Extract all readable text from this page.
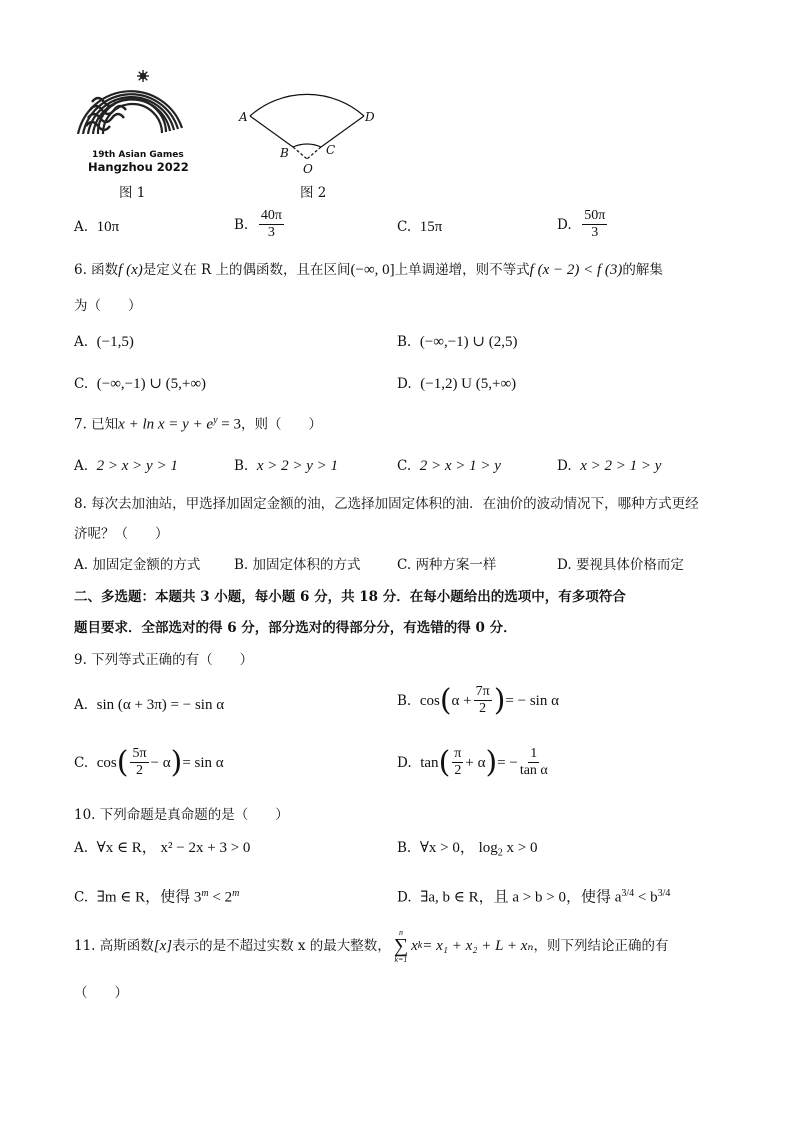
19th Asian Games
Hangzhou 2022
图 1
A	D
B	C
O
图 2
A. 10π	B.
$\frac{40\pi}{3}$	C. 15π	D.
$\frac{50\pi}{3}$
6. 函数f (x)是定义在 R 上的偶函数，且在区间(−∞, 0]上单调递增，则不等式f (x − 2) < f (3)的解集
为（　　）
A. (−1,5)	B. (−∞,−1) ∪ (2,5)
C. (−∞,−1) ∪ (5,+∞)	D. (−1,2) U (5,+∞)
7. 已知$x + \ln x = y + e^y = 3$，则（　　）
A. 2 > x > y > 1	B. x > 2 > y > 1	C. 2 > x > 1 > y	D. x > 2 > 1 > y
8. 每次去加油站，甲选择加固定金额的油，乙选择加固定体积的油．在油价的波动情况下，哪种方式更经
济呢？（　　）
A. 加固定金额的方式 B. 加固定体积的方式	C. 两种方案一样	D. 要视具体价格而定
二、多选题：本题共 3 小题，每小题 6 分，共 18 分．在每小题给出的选项中，有多项符合
题目要求．全部选对的得 6 分，部分选对的得部分分，有选错的得 0 分．
9. 下列等式正确的有（　　）
A. sin (α + 3π) = − sin α	B.
cos ( $\alpha + \frac{7\pi}{2}$ ) = − sin α
C.
cos ( $\frac{5\pi}{2} - \alpha$ ) = sin α	D.
tan ( $\frac{\pi}{2} + \alpha$ ) = − $\frac{1}{\text{tan α}}$
10. 下列命题是真命题的是（　　）
A. ∀x ∈ R， x² − 2x + 3 > 0	B. ∀x > 0， $\log_2 x > 0$
C. ∃m ∈ R，使得 $3^m < 2^m$	D. ∃a, b ∈ R，且 a > b > 0，使得 $a^{3/4} < b^{3/4}$
11. 高斯函数 [x] 表示的是不超过实数 x 的最大整数，
n
∑
k=1
x k = x₁ + x₂ + L + xₙ ，则下列结论正确的有
（　　）
